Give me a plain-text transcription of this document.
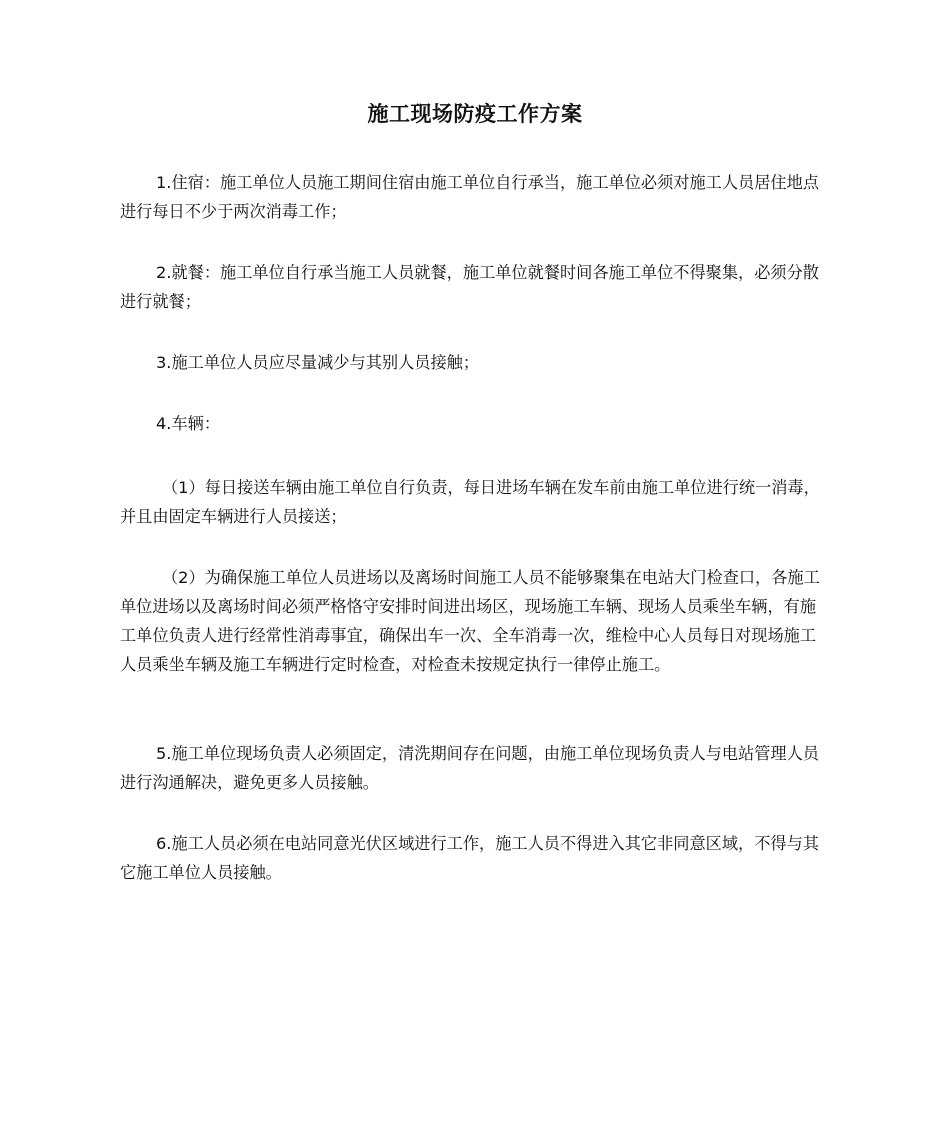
施工现场防疫工作方案

1.住宿：施工单位人员施工期间住宿由施工单位自行承当，施工单位必须对施工人员居住地点进行每日不少于两次消毒工作；

2.就餐：施工单位自行承当施工人员就餐，施工单位就餐时间各施工单位不得聚集，必须分散进行就餐；

3.施工单位人员应尽量减少与其别人员接触；

4.车辆：

（1）每日接送车辆由施工单位自行负责，每日进场车辆在发车前由施工单位进行统一消毒，并且由固定车辆进行人员接送；

（2）为确保施工单位人员进场以及离场时间施工人员不能够聚集在电站大门检查口，各施工单位进场以及离场时间必须严格恪守安排时间进出场区，现场施工车辆、现场人员乘坐车辆，有施工单位负责人进行经常性消毒事宜，确保出车一次、全车消毒一次，维检中心人员每日对现场施工人员乘坐车辆及施工车辆进行定时检查，对检查未按规定执行一律停止施工。

5.施工单位现场负责人必须固定，清洗期间存在问题，由施工单位现场负责人与电站管理人员进行沟通解决，避免更多人员接触。

6.施工人员必须在电站同意光伏区域进行工作，施工人员不得进入其它非同意区域，不得与其它施工单位人员接触。
